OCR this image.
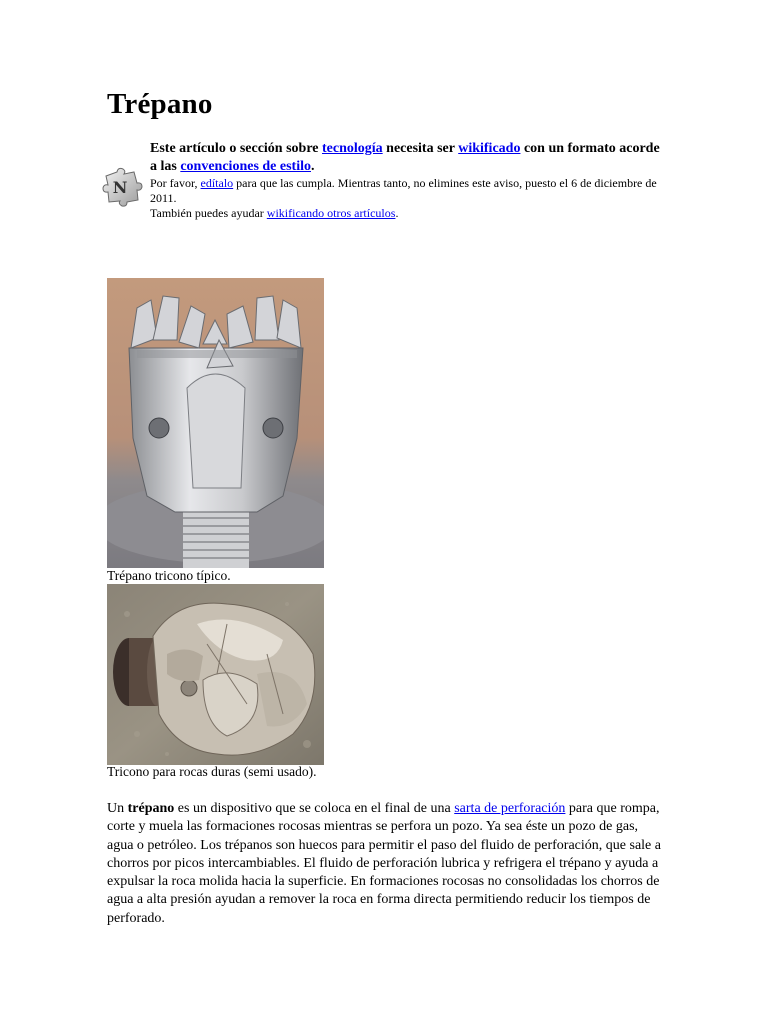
Trépano
N

Este artículo o sección sobre tecnología necesita ser wikificado con un formato acorde a las convenciones de estilo.

Por favor, edítalo para que las cumpla. Mientras tanto, no elimines este aviso, puesto el 6 de diciembre de 2011.

También puedes ayudar wikificando otros artículos.

Trépano tricono típico.

Tricono para rocas duras (semi usado).

Un trépano es un dispositivo que se coloca en el final de una sarta de perforación para que rompa, corte y muela las formaciones rocosas mientras se perfora un pozo. Ya sea éste un pozo de gas, agua o petróleo. Los trépanos son huecos para permitir el paso del fluido de perforación, que sale a chorros por picos intercambiables. El fluido de perforación lubrica y refrigera el trépano y ayuda a expulsar la roca molida hacia la superficie. En formaciones rocosas no consolidadas los chorros de agua a alta presión ayudan a remover la roca en forma directa permitiendo reducir los tiempos de perforado.
